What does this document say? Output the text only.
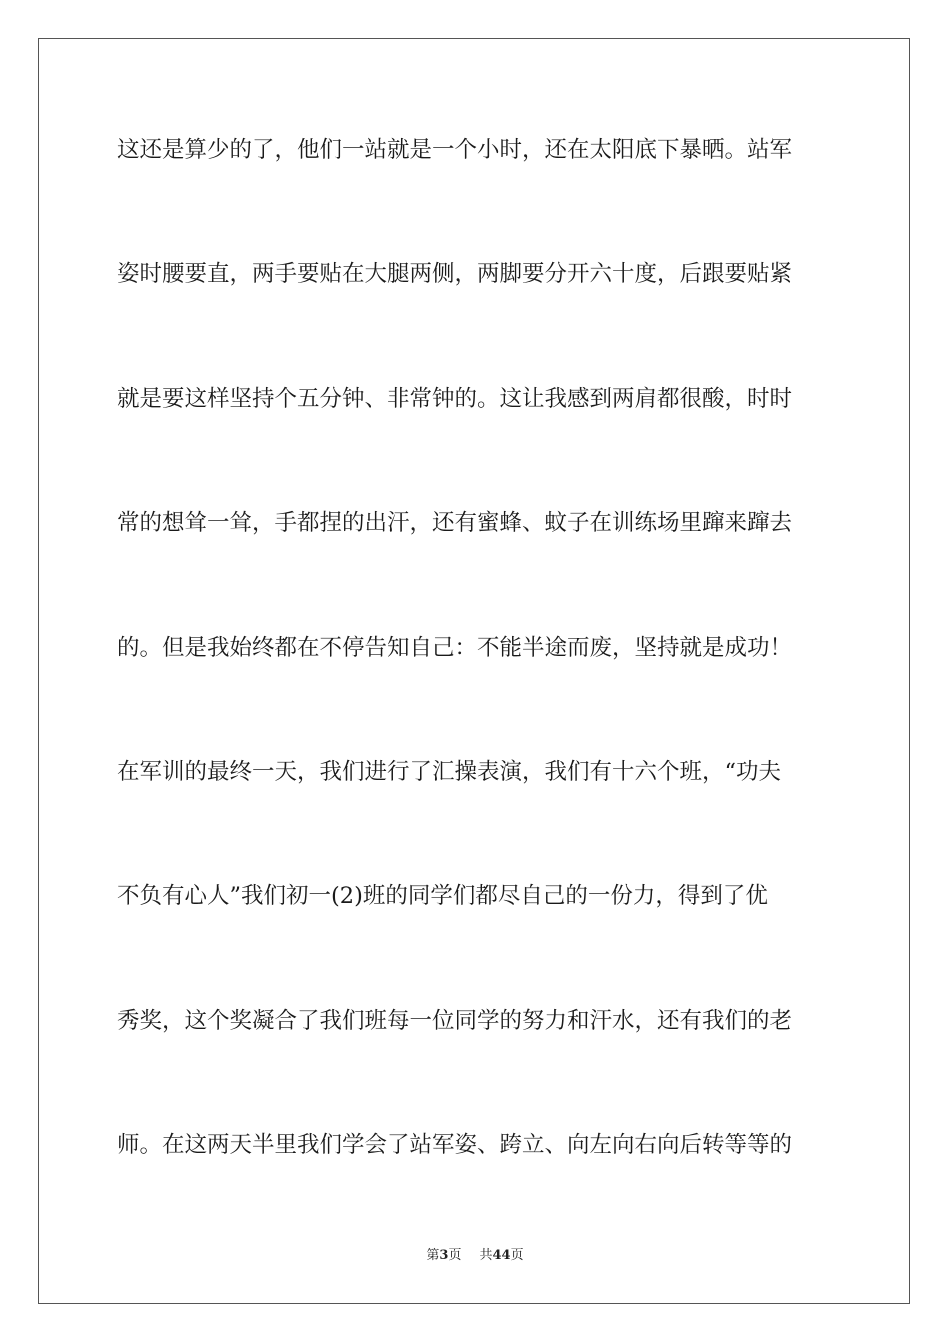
这还是算少的了，他们一站就是一个小时，还在太阳底下暴晒。站军
姿时腰要直，两手要贴在大腿两侧，两脚要分开六十度，后跟要贴紧
就是要这样坚持个五分钟、非常钟的。这让我感到两肩都很酸，时时
常的想耸一耸，手都捏的出汗，还有蜜蜂、蚊子在训练场里蹿来蹿去
的。但是我始终都在不停告知自己：不能半途而废，坚持就是成功！
在军训的最终一天，我们进行了汇操表演，我们有十六个班，“功夫
不负有心人”我们初一(2)班的同学们都尽自己的一份力，得到了优
秀奖，这个奖凝合了我们班每一位同学的努力和汗水，还有我们的老
师。在这两天半里我们学会了站军姿、跨立、向左向右向后转等等的
第3页 共44页
